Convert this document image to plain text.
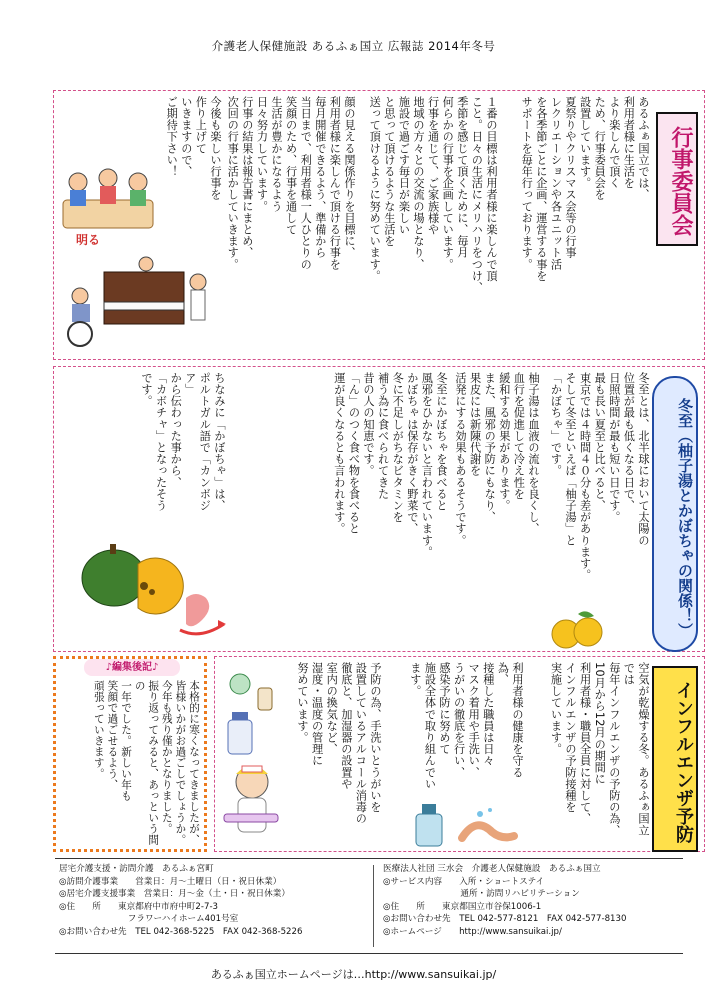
介護老人保健施設 あるふぁ国立 広報誌 2014年冬号
行事委員会
あるふぁ国立では、
利用者様に生活を
より楽しんで頂く
ため、行事委員会を
設置しています。
夏祭りやクリスマス会等の行事
レクリエーションや各ユニット活
を各季節ごとに企画、運営する事を
サポートを毎年行っております。
１番の目標は利用者様に楽しんで頂
こと。日々の生活にメリハリをつけ、
季節を感じて頂くために、毎月
何らかの行事を企画しています。
行事を通じて、ご家族様や
地域の方々との交流の場となり、
施設で過ごす毎日が楽しい
と思って頂けるような生活を
送って頂けるように努めています。
顔の見える関係作りを目標に、
利用者様に楽しんで頂ける行事を
毎月開催できるよう、準備から
当日まで、利用者様一人ひとりの
笑顔のため、行事を通して
生活が豊かになるよう
日々努力しています。
行事の結果は報告書にまとめ、
次回の行事に活かしていきます。
今後も楽しい行事を
作り上げて
いきますので、
ご期待下さい！
明る
冬至（柚子湯とかぼちゃの関係！）
冬至とは、北半球において太陽の
位置が最も低くなる日で、
日照時間が最も短い日です。
最も長い夏至と比べると、
東京では４時間４０分も差があります。
そして冬至といえば「柚子湯」と
「かぼちゃ」です。
柚子湯は血液の流れを良くし、
血行を促進して冷え性を
緩和する効果があります。
また、風邪の予防にもなり、
果皮には新陳代謝を
活発にする効果もあるそうです。
冬至にかぼちゃを食べると
風邪をひかないと言われています。
かぼちゃは保存がきく野菜で、
冬に不足しがちなビタミンを
補う為に食べられてきた
昔の人の知恵です。
「ん」のつく食べ物を食べると
運が良くなるとも言われます。
ちなみに「かぼちゃ」は、
ポルトガル語で「カンボジア」
から伝わった事から、
「カボチャ」となったそうです。
インフルエンザ予防
空気が乾燥する冬。あるふぁ国立では
毎年インフルエンザの予防の為、
10月から12月の期間に
利用者様・職員全員に対して、
インフルエンザの予防接種を
実施しています。
利用者様の健康を守る為、
接種した職員は日々
マスク着用や手洗い、
うがいの徹底を行い、
感染予防に努めて
施設全体で取り組んでいます。
予防の為、手洗いとうがいを
設置しているアルコール消毒の
徹底と、加湿器の設置や
室内の換気など、
湿度・温度の管理に
努めています。
♪編集後記♪
本格的に寒くなってきましたが、
皆様いかがお過ごしでしょうか。
今年も残り僅かとなりました。
振り返ってみると、あっという間の
一年でした。新しい年も
笑顔で過ごせるよう、
頑張っていきます。
居宅介護支援・訪問介護　あるふぁ宮町
◎訪問介護事業　　営業日：月～土曜日（日・祝日休業）
◎居宅介護支援事業　営業日：月～金（土・日・祝日休業）
◎住　　所　　東京都府中市府中町2-7-3
　　　　　　　　フラワーハイホーム401号室
◎お問い合わせ先　TEL 042-368-5225　FAX 042-368-5226
医療法人社団 三水会　介護老人保健施設　あるふぁ国立
◎サービス内容　　入所・ショートステイ
　　　　　　　　　通所・訪問リハビリテーション
◎住　　所　　東京都国立市谷保1006-1
◎お問い合わせ先　TEL 042-577-8121　FAX 042-577-8130
◎ホームページ　　http://www.sansuikai.jp/
あるふぁ国立ホームページは…http://www.sansuikai.jp/
